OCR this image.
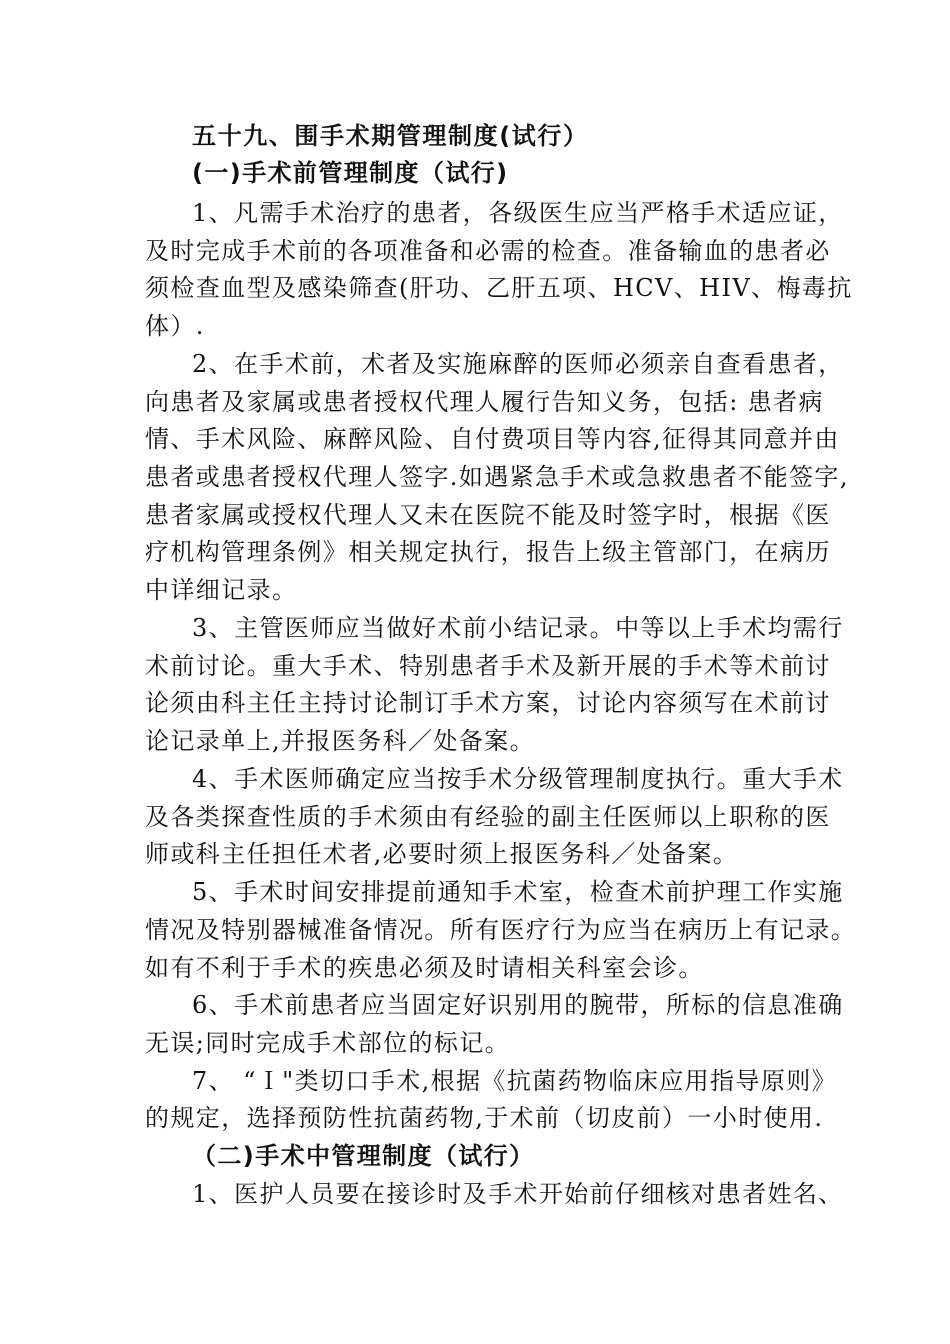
五十九、围手术期管理制度(试行）
(一)手术前管理制度（试行)
1、凡需手术治疗的患者，各级医生应当严格手术适应证，
及时完成手术前的各项准备和必需的检查。准备输血的患者必
须检查血型及感染筛查(肝功、乙肝五项、HCV、HIV、梅毒抗
体）.
2、在手术前，术者及实施麻醉的医师必须亲自查看患者，
向患者及家属或患者授权代理人履行告知义务，包括: 患者病
情、手术风险、麻醉风险、自付费项目等内容,征得其同意并由
患者或患者授权代理人签字.如遇紧急手术或急救患者不能签字,
患者家属或授权代理人又未在医院不能及时签字时，根据《医
疗机构管理条例》相关规定执行，报告上级主管部门，在病历
中详细记录。
3、主管医师应当做好术前小结记录。中等以上手术均需行
术前讨论。重大手术、特别患者手术及新开展的手术等术前讨
论须由科主任主持讨论制订手术方案，讨论内容须写在术前讨
论记录单上,并报医务科／处备案。
4、手术医师确定应当按手术分级管理制度执行。重大手术
及各类探查性质的手术须由有经验的副主任医师以上职称的医
师或科主任担任术者,必要时须上报医务科／处备案。
5、手术时间安排提前通知手术室，检查术前护理工作实施
情况及特别器械准备情况。所有医疗行为应当在病历上有记录。
如有不利于手术的疾患必须及时请相关科室会诊。
6、手术前患者应当固定好识别用的腕带，所标的信息准确
无误;同时完成手术部位的标记。
7、 “Ｉ"类切口手术,根据《抗菌药物临床应用指导原则》
的规定，选择预防性抗菌药物,于术前（切皮前）一小时使用.
（二)手术中管理制度（试行）
1、医护人员要在接诊时及手术开始前仔细核对患者姓名、
